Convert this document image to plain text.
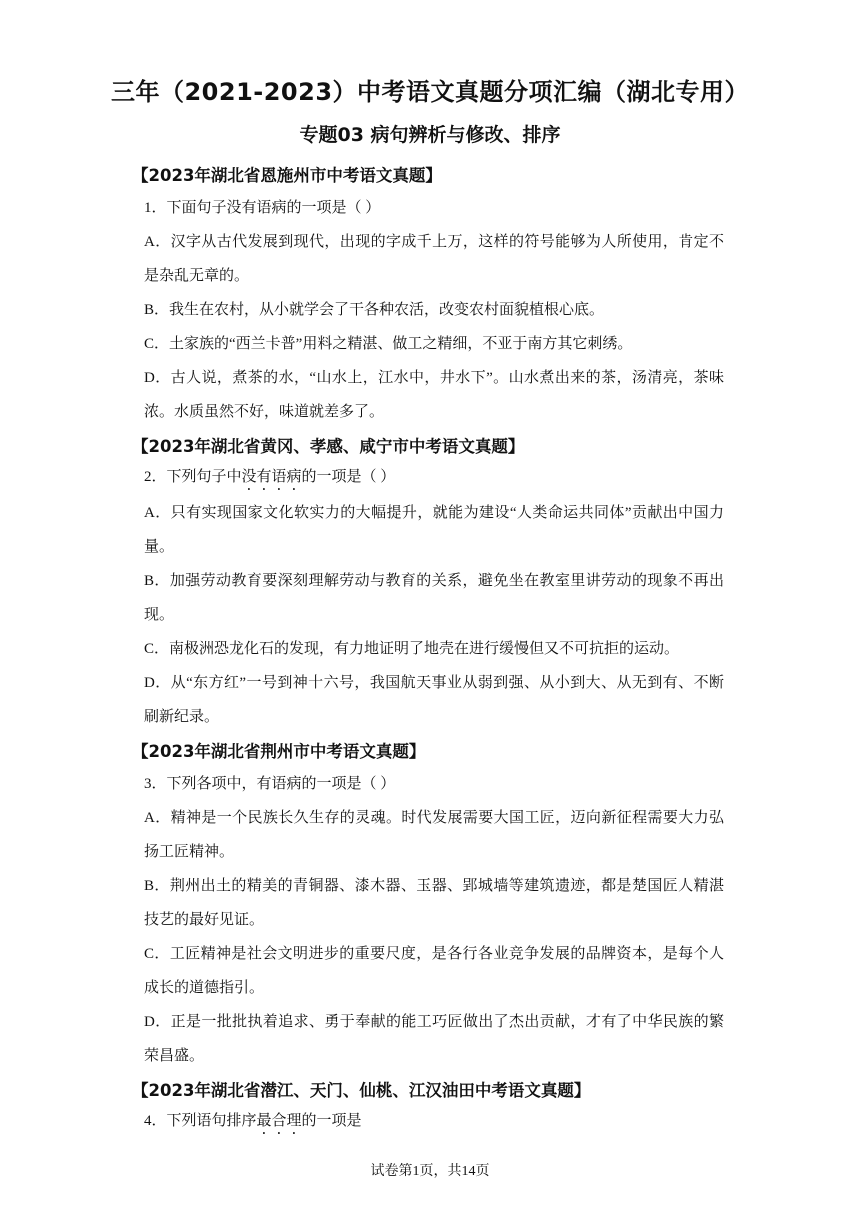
三年（2021-2023）中考语文真题分项汇编（湖北专用）
专题03 病句辨析与修改、排序
【2023年湖北省恩施州市中考语文真题】
1．下面句子没有语病的一项是（ ）
A．汉字从古代发展到现代，出现的字成千上万，这样的符号能够为人所使用，肯定不
是杂乱无章的。
B．我生在农村，从小就学会了干各种农活，改变农村面貌植根心底。
C．土家族的“西兰卡普”用料之精湛、做工之精细，不亚于南方其它刺绣。
D．古人说，煮茶的水，“山水上，江水中，井水下”。山水煮出来的茶，汤清亮，茶味
浓。水质虽然不好，味道就差多了。
【2023年湖北省黄冈、孝感、咸宁市中考语文真题】
2．下列句子中没有语病的一项是（ ）
A．只有实现国家文化软实力的大幅提升，就能为建设“人类命运共同体”贡献出中国力
量。
B．加强劳动教育要深刻理解劳动与教育的关系，避免坐在教室里讲劳动的现象不再出
现。
C．南极洲恐龙化石的发现，有力地证明了地壳在进行缓慢但又不可抗拒的运动。
D．从“东方红”一号到神十六号，我国航天事业从弱到强、从小到大、从无到有、不断
刷新纪录。
【2023年湖北省荆州市中考语文真题】
3．下列各项中，有语病的一项是（ ）
A．精神是一个民族长久生存的灵魂。时代发展需要大国工匠，迈向新征程需要大力弘
扬工匠精神。
B．荆州出土的精美的青铜器、漆木器、玉器、郢城墙等建筑遗迹，都是楚国匠人精湛
技艺的最好见证。
C．工匠精神是社会文明进步的重要尺度，是各行各业竞争发展的品牌资本，是每个人
成长的道德指引。
D．正是一批批执着追求、勇于奉献的能工巧匠做出了杰出贡献，才有了中华民族的繁
荣昌盛。
【2023年湖北省潜江、天门、仙桃、江汉油田中考语文真题】
4．下列语句排序最合理的一项是
试卷第1页，共14页
